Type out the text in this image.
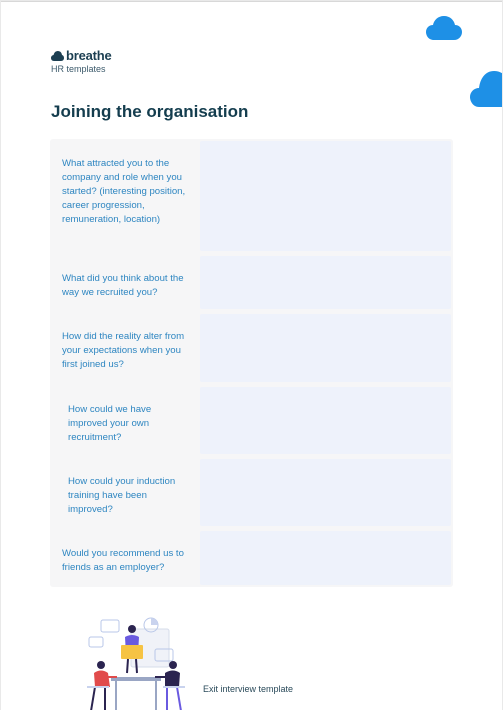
breathe
HR templates
Joining the organisation
What attracted you to the company and role when you started? (interesting position, career progression, remuneration, location)
What did you think about the way we recruited you?
How did the reality alter from your expectations when you first joined us?
How could we have improved your own recruitment?
How could your induction training have been improved?
Would you recommend us to friends as an employer?
Exit interview template
